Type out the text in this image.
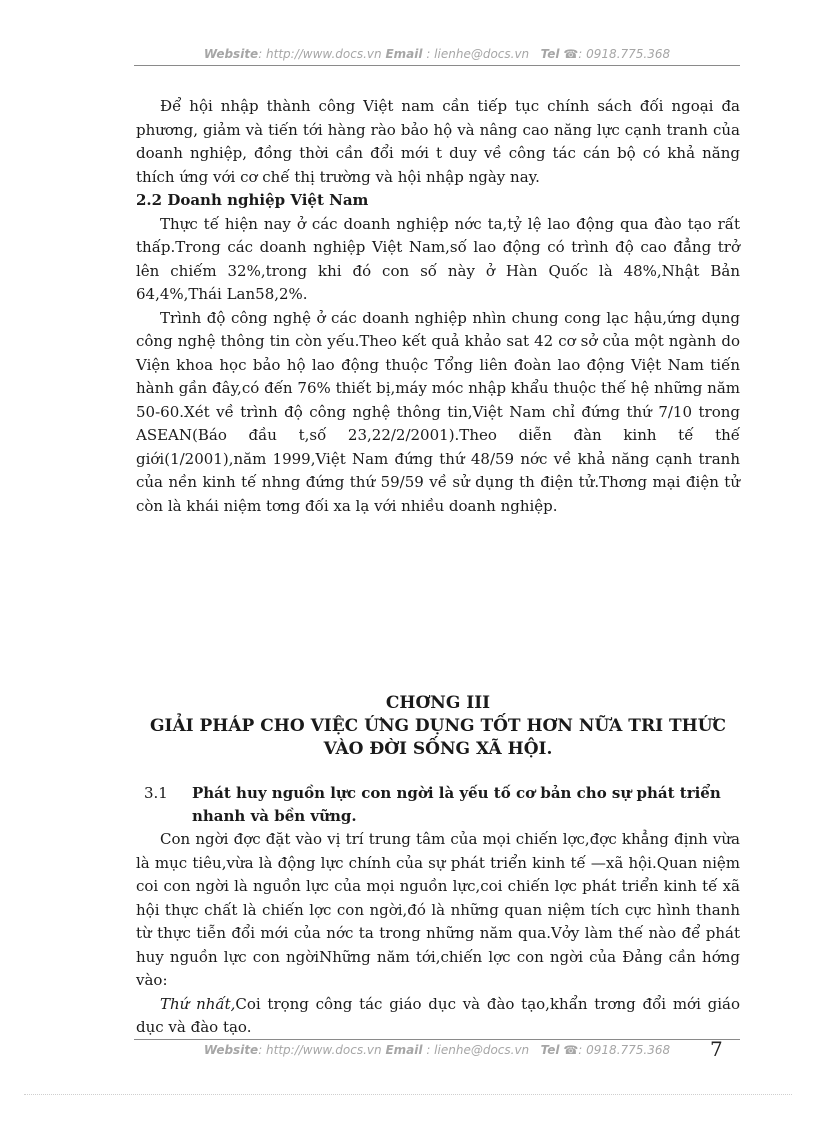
Website: http://www.docs.vn Email : lienhe@docs.vn Tel ☎: 0918.775.368

Để hội nhập thành công Việt nam cần tiếp tục chính sách đối ngoại đa phương, giảm và tiến tới hàng rào bảo hộ và nâng cao năng lực cạnh tranh của doanh nghiệp, đồng thời cần đổi mới t duy về công tác cán bộ có khả năng thích ứng với cơ chế thị trường và hội nhập ngày nay.

2.2 Doanh nghiệp Việt Nam

Thực tế hiện nay ở các doanh nghiệp nớc ta,tỷ lệ lao động qua đào tạo rất thấp.Trong các doanh nghiệp Việt Nam,số lao động có trình độ cao đẳng trở lên chiếm 32%,trong khi đó con số này ở Hàn Quốc là 48%,Nhật Bản 64,4%,Thái Lan58,2%.

Trình độ công nghệ ở các doanh nghiệp nhìn chung cong lạc hậu,ứng dụng công nghệ thông tin còn yếu.Theo kết quả khảo sat 42 cơ sở của một ngành do Viện khoa học bảo hộ lao động thuộc Tổng liên đoàn lao động Việt Nam tiến hành gần đây,có đến 76% thiết bị,máy móc nhập khẩu thuộc thế hệ những năm 50-60.Xét về trình độ công nghệ thông tin,Việt Nam chỉ đứng thứ 7/10 trong ASEAN(Báo đầu t,số 23,22/2/2001).Theo diễn đàn kinh tế thế giới(1/2001),năm 1999,Việt Nam đứng thứ 48/59 nớc về khả năng cạnh tranh của nền kinh tế nhng đứng thứ 59/59 về sử dụng th điện tử.Thơng mại điện tử còn là khái niệm tơng đối xa lạ với nhiều doanh nghiệp.

CHƠNG III
GIẢI PHÁP CHO VIỆC ỨNG DỤNG TỐT HƠN NỮA TRI THỨC
VÀO ĐỜI SỐNG XÃ HỘI.
3.1 Phát huy nguồn lực con ngời là yếu tố cơ bản cho sự phát triển nhanh và bền vững.

Con ngời đợc đặt vào vị trí trung tâm của mọi chiến lợc,đợc khẳng định vừa là mục tiêu,vừa là động lực chính của sự phát triển kinh tế —xã hội.Quan niệm coi con ngời là nguồn lực của mọi nguồn lực,coi chiến lợc phát triển kinh tế xã hội thực chất là chiến lợc con ngời,đó là những quan niệm tích cực hình thanh từ thực tiễn đổi mới của nớc ta trong những năm qua.Vởy làm thế nào để phát huy nguồn lực con ngờiNhững năm tới,chiến lợc con ngời của Đảng cần hớng vào:

Thứ nhất,Coi trọng công tác giáo dục và đào tạo,khẩn trơng đổi mới giáo dục và đào tạo.

Website: http://www.docs.vn Email : lienhe@docs.vn Tel ☎: 0918.775.368	7
